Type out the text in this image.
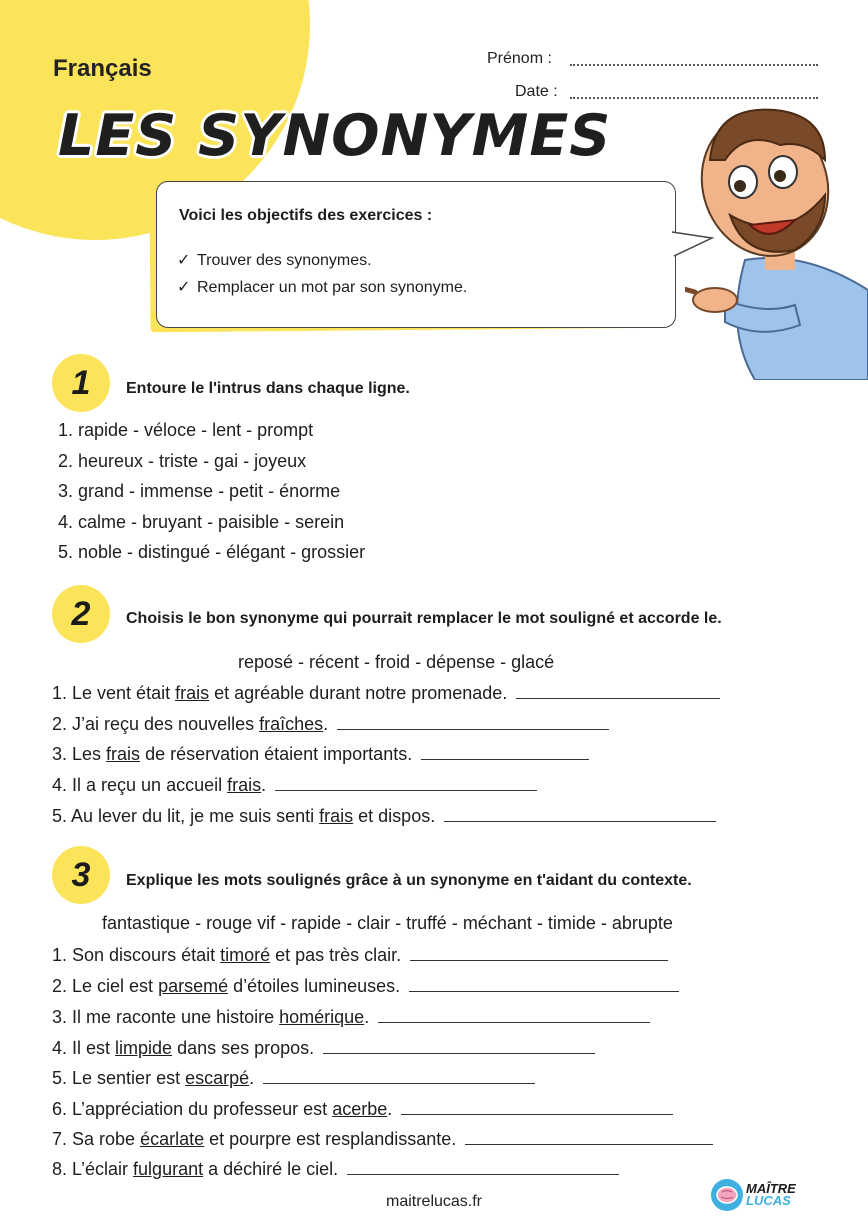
Français
LES SYNONYMES
Prénom :
Date :
Voici les objectifs des exercices :
✓ Trouver des synonymes.
✓ Remplacer un mot par son synonyme.
1	Entoure le l'intrus dans chaque ligne.
1. rapide - véloce - lent - prompt
2. heureux - triste - gai - joyeux
3. grand - immense - petit - énorme
4. calme - bruyant - paisible - serein
5. noble - distingué - élégant - grossier
2	Choisis le bon synonyme qui pourrait remplacer le mot souligné et accorde le.
reposé - récent - froid - dépense - glacé
1. Le vent était frais et agréable durant notre promenade.
2. J’ai reçu des nouvelles fraîches.
3. Les frais de réservation étaient importants.
4. Il a reçu un accueil frais.
5. Au lever du lit, je me suis senti frais et dispos.
3	Explique les mots soulignés grâce à un synonyme en t'aidant du contexte.
fantastique - rouge vif - rapide - clair - truffé - méchant - timide - abrupte
1. Son discours était timoré et pas très clair.
2. Le ciel est parsemé d’étoiles lumineuses.
3. Il me raconte une histoire homérique.
4. Il est limpide dans ses propos.
5. Le sentier est escarpé.
6. L’appréciation du professeur est acerbe.
7. Sa robe écarlate et pourpre est resplandissante.
8. L’éclair fulgurant a déchiré le ciel.
maitrelucas.fr
MAÎTRE
LUCAS
